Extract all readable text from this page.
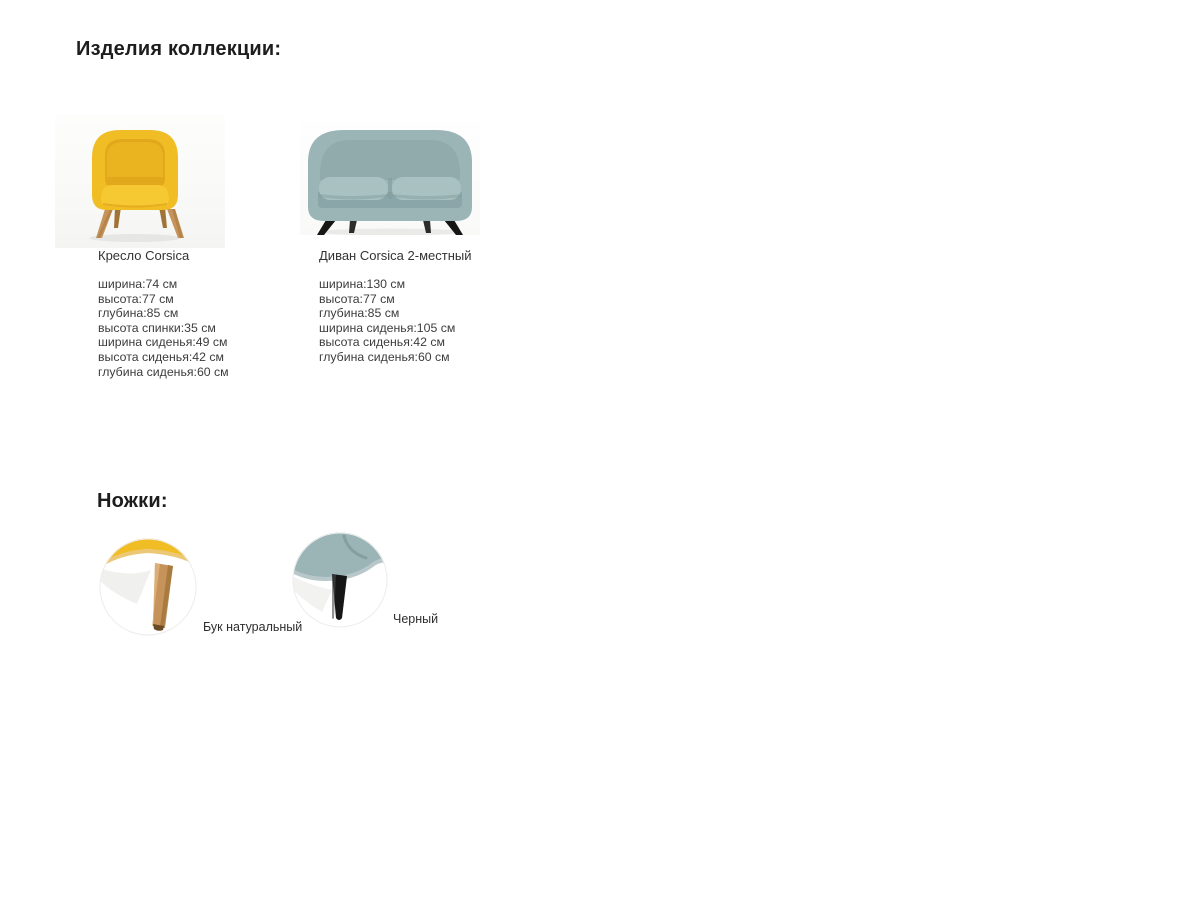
Изделия коллекции:
Кресло Corsica
ширина:74 см
высота:77 см
глубина:85 см
высота спинки:35 см
ширина сиденья:49 см
высота сиденья:42 см
глубина сиденья:60 см
Диван Corsica 2-местный
ширина:130 см
высота:77 см
глубина:85 см
ширина сиденья:105 см
высота сиденья:42 см
глубина сиденья:60 см
Ножки:
Бук натуральный
Черный
